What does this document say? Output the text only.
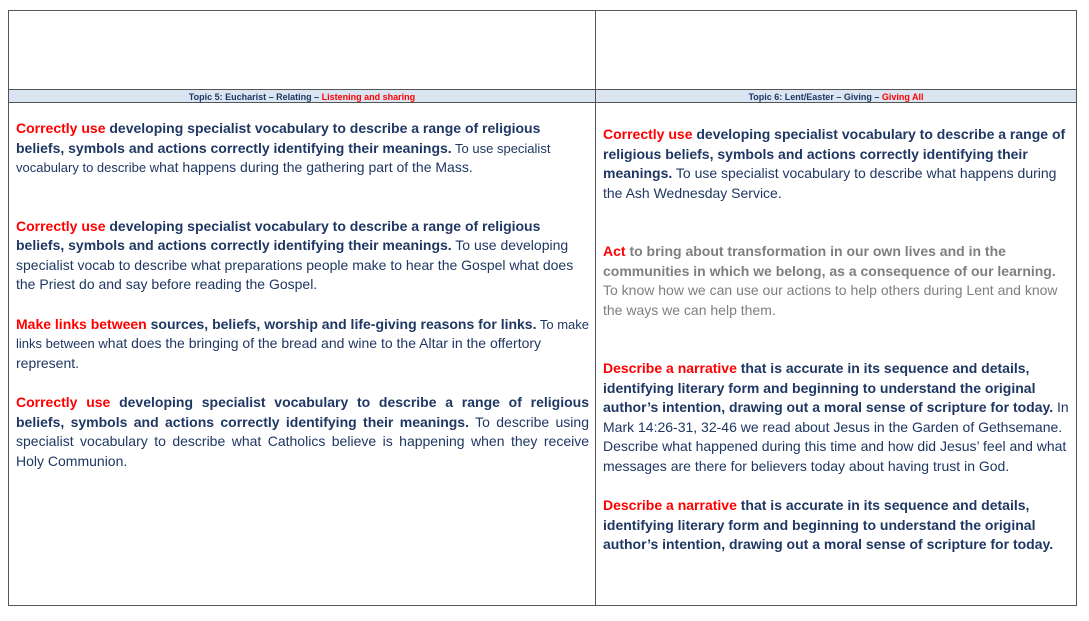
Topic 5: Eucharist – Relating – Listening and sharing

Correctly use developing specialist vocabulary to describe a range of religious beliefs, symbols and actions correctly identifying their meanings. To use specialist vocabulary to describe what happens during the gathering part of the Mass.

Correctly use developing specialist vocabulary to describe a range of religious beliefs, symbols and actions correctly identifying their meanings. To use developing specialist vocab to describe what preparations people make to hear the Gospel what does the Priest do and say before reading the Gospel.

Make links between sources, beliefs, worship and life-giving reasons for links. To make links between what does the bringing of the bread and wine to the Altar in the offertory represent.

Correctly use developing specialist vocabulary to describe a range of religious beliefs, symbols and actions correctly identifying their meanings. To describe using specialist vocabulary to describe what Catholics believe is happening when they receive Holy Communion.

Topic 6: Lent/Easter – Giving – Giving All

Correctly use developing specialist vocabulary to describe a range of religious beliefs, symbols and actions correctly identifying their meanings. To use specialist vocabulary to describe what happens during the Ash Wednesday Service.

Act to bring about transformation in our own lives and in the communities in which we belong, as a consequence of our learning. To know how we can use our actions to help others during Lent and know the ways we can help them.

Describe a narrative that is accurate in its sequence and details, identifying literary form and beginning to understand the original author’s intention, drawing out a moral sense of scripture for today. In Mark 14:26-31, 32-46 we read about Jesus in the Garden of Gethsemane. Describe what happened during this time and how did Jesus’ feel and what messages are there for believers today about having trust in God.

Describe a narrative that is accurate in its sequence and details, identifying literary form and beginning to understand the original author’s intention, drawing out a moral sense of scripture for today.
